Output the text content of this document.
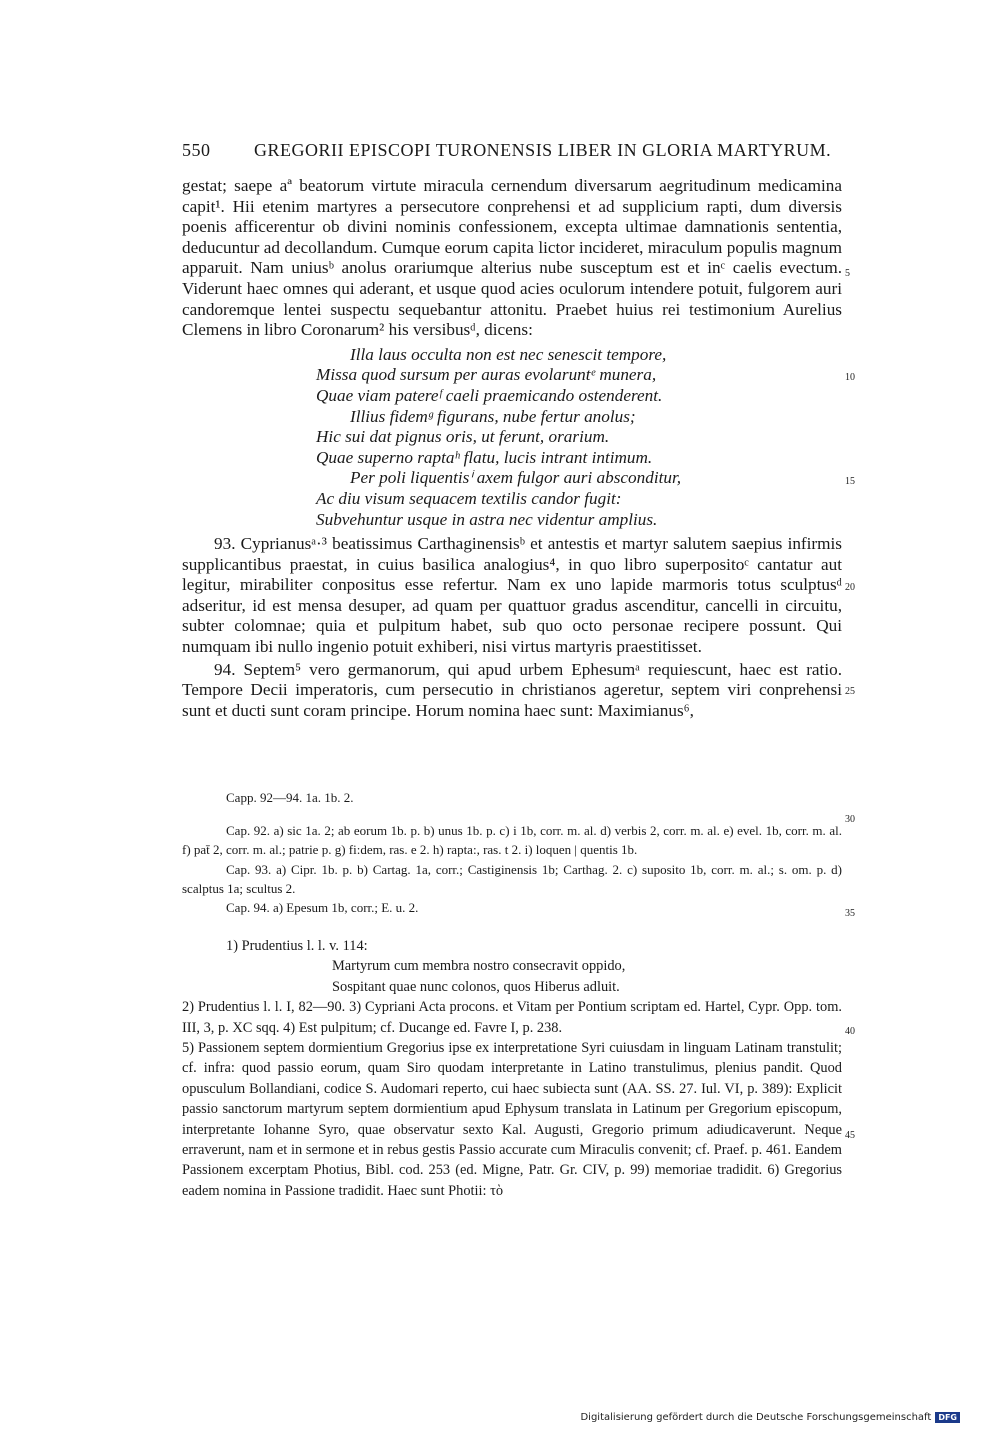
550 GREGORII EPISCOPI TURONENSIS LIBER IN GLORIA MARTYRUM.
5
10
15
20
25
30
35
40
45

gestat; saepe aª beatorum virtute miracula cernendum diversarum aegritudinum medicamina capit¹. Hii etenim martyres a persecutore conprehensi et ad supplicium rapti, dum diversis poenis afficerentur ob divini nominis confessionem, excepta ultimae damnationis sententia, deducuntur ad decollandum. Cumque eorum capita lictor incideret, miraculum populis magnum apparuit. Nam uniusᵇ anolus orariumque alterius nube susceptum est et inᶜ caelis evectum. Viderunt haec omnes qui aderant, et usque quod acies oculorum intendere potuit, fulgorem auri candoremque lentei suspectu sequebantur attonitu. Praebet huius rei testimonium Aurelius Clemens in libro Coronarum² his versibusᵈ, dicens:

Illa laus occulta non est nec senescit tempore,
Missa quod sursum per auras evolaruntᵉ munera,
Quae viam patereᶠ caeli praemicando ostenderent.
Illius fidemᵍ figurans, nube fertur anolus;
Hic sui dat pignus oris, ut ferunt, orarium.
Quae superno raptaʰ flatu, lucis intrant intimum.
Per poli liquentisⁱ axem fulgor auri absconditur,
Ac diu visum sequacem textilis candor fugit:
Subvehuntur usque in astra nec videntur amplius.

93. Cyprianusᵃ·³ beatissimus Carthaginensisᵇ et antestis et martyr salutem saepius infirmis supplicantibus praestat, in cuius basilica analogius⁴, in quo libro superpositoᶜ cantatur aut legitur, mirabiliter conpositus esse refertur. Nam ex uno lapide marmoris totus sculptusᵈ adseritur, id est mensa desuper, ad quam per quattuor gradus ascenditur, cancelli in circuitu, subter colomnae; quia et pulpitum habet, sub quo octo personae recipere possunt. Qui numquam ibi nullo ingenio potuit exhiberi, nisi virtus martyris praestitisset.

94. Septem⁵ vero germanorum, qui apud urbem Ephesumᵃ requiescunt, haec est ratio. Tempore Decii imperatoris, cum persecutio in christianos ageretur, septem viri conprehensi sunt et ducti sunt coram principe. Horum nomina haec sunt: Maximianus⁶,

Capp. 92—94. 1a. 1b. 2.

Cap. 92. a) sic 1a. 2; ab eorum 1b. p. b) unus 1b. p. c) i 1b, corr. m. al. d) verbis 2, corr. m. al. e) evel. 1b, corr. m. al. f) pat̄ 2, corr. m. al.; patrie p. g) fi:dem, ras. e 2. h) rapta:, ras. t 2. i) loquen | quentis 1b.

Cap. 93. a) Cipr. 1b. p. b) Cartag. 1a, corr.; Castiginensis 1b; Carthag. 2. c) suposito 1b, corr. m. al.; s. om. p. d) scalptus 1a; scultus 2.

Cap. 94. a) Epesum 1b, corr.; E. u. 2.

1) Prudentius l. l. v. 114:

Martyrum cum membra nostro consecravit oppido,

Sospitant quae nunc colonos, quos Hiberus adluit.

2) Prudentius l. l. I, 82—90. 3) Cypriani Acta procons. et Vitam per Pontium scriptam ed. Hartel, Cypr. Opp. tom. III, 3, p. XC sqq. 4) Est pulpitum; cf. Ducange ed. Favre I, p. 238.

5) Passionem septem dormientium Gregorius ipse ex interpretatione Syri cuiusdam in linguam Latinam transtulit; cf. infra: quod passio eorum, quam Siro quodam interpretante in Latino transtulimus, plenius pandit. Quod opusculum Bollandiani, codice S. Audomari reperto, cui haec subiecta sunt (AA. SS. 27. Iul. VI, p. 389): Explicit passio sanctorum martyrum septem dormientium apud Ephysum translata in Latinum per Gregorium episcopum, interpretante Iohanne Syro, quae observatur sexto Kal. Augusti, Gregorio primum adiudicaverunt. Neque erraverunt, nam et in sermone et in rebus gestis Passio accurate cum Miraculis convenit; cf. Praef. p. 461. Eandem Passionem excerptam Photius, Bibl. cod. 253 (ed. Migne, Patr. Gr. CIV, p. 99) memoriae tradidit. 6) Gregorius eadem nomina in Passione tradidit. Haec sunt Photii: τὸ

Digitalisierung gefördert durch die Deutsche Forschungsgemeinschaft DFG
